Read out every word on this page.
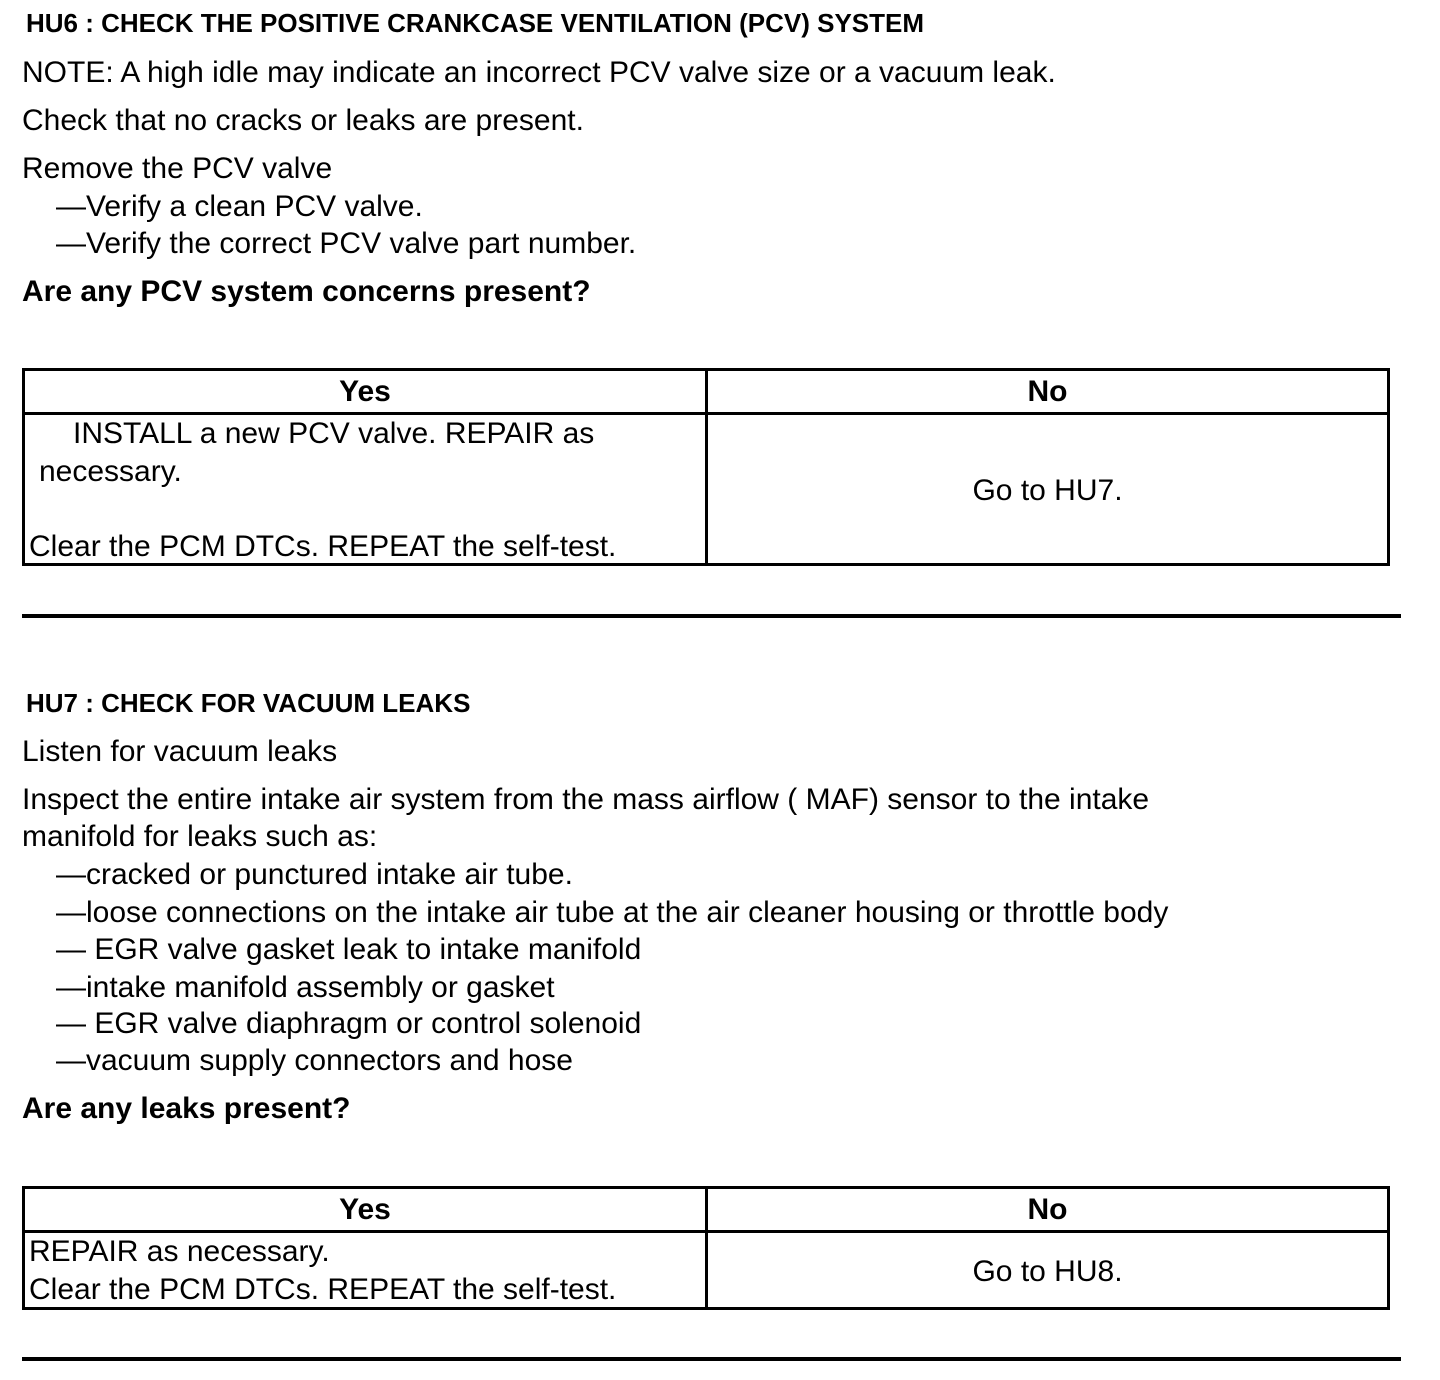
HU6 : CHECK THE POSITIVE CRANKCASE VENTILATION (PCV) SYSTEM
NOTE: A high idle may indicate an incorrect PCV valve size or a vacuum leak.
Check that no cracks or leaks are present.
Remove the PCV valve
—Verify a clean PCV valve.
—Verify the correct PCV valve part number.
Are any PCV system concerns present?
Yes	No
INSTALL a new PCV valve. REPAIR as
necessary.
Clear the PCM DTCs. REPEAT the self-test.
Go to HU7.
HU7 : CHECK FOR VACUUM LEAKS
Listen for vacuum leaks
Inspect the entire intake air system from the mass airflow ( MAF) sensor to the intake
manifold for leaks such as:
—cracked or punctured intake air tube.
—loose connections on the intake air tube at the air cleaner housing or throttle body
— EGR valve gasket leak to intake manifold
—intake manifold assembly or gasket
— EGR valve diaphragm or control solenoid
—vacuum supply connectors and hose
Are any leaks present?
Yes	No
REPAIR as necessary.
Clear the PCM DTCs. REPEAT the self-test.
Go to HU8.
